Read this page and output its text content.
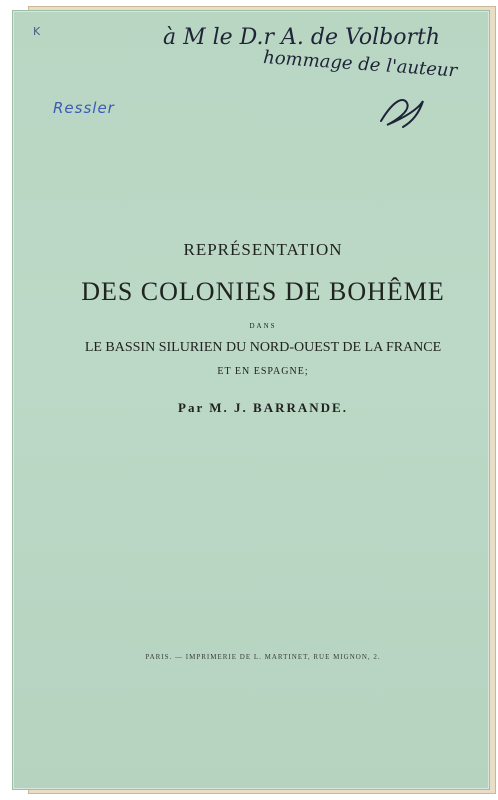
K	à M le D.r A. de Volborth
hommage de l'auteur
Ressler

REPRÉSENTATION

DES COLONIES DE BOHÊME

DANS

LE BASSIN SILURIEN DU NORD-OUEST DE LA FRANCE

ET EN ESPAGNE;

Par M. J. BARRANDE.

PARIS. — IMPRIMERIE DE L. MARTINET, RUE MIGNON, 2.
